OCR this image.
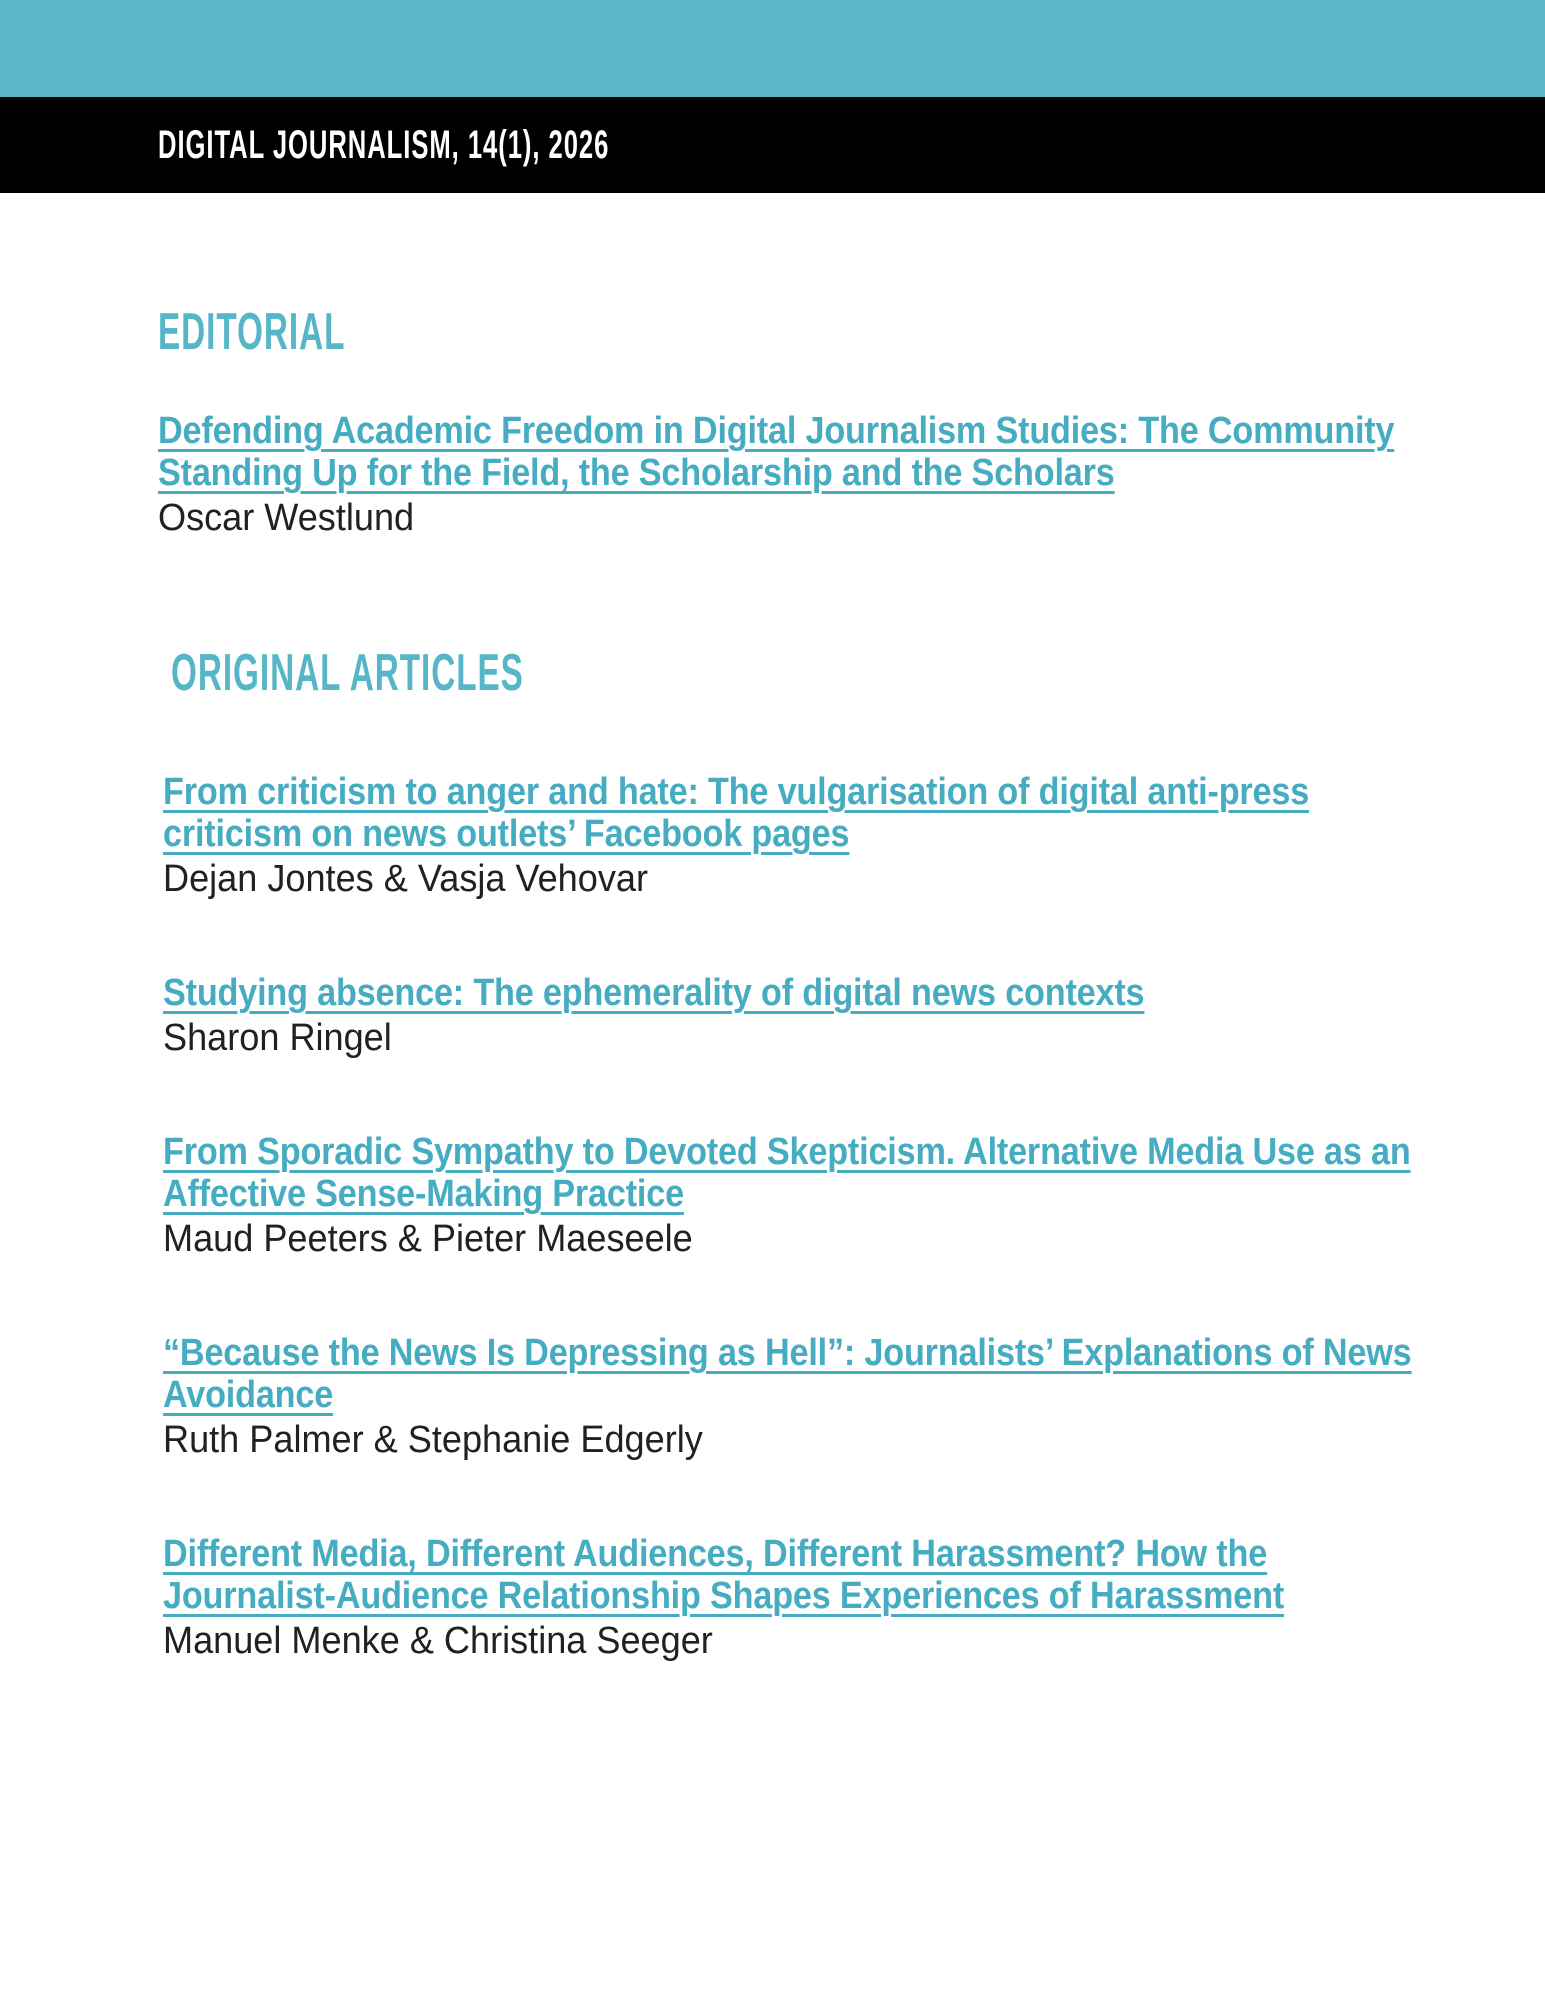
DIGITAL JOURNALISM, 14(1), 2026
EDITORIAL
Defending Academic Freedom in Digital Journalism Studies: The Community
Standing Up for the Field, the Scholarship and the Scholars
Oscar Westlund
ORIGINAL ARTICLES
From criticism to anger and hate: The vulgarisation of digital anti-press
criticism on news outlets’ Facebook pages
Dejan Jontes & Vasja Vehovar
Studying absence: The ephemerality of digital news contexts
Sharon Ringel
From Sporadic Sympathy to Devoted Skepticism. Alternative Media Use as an
Affective Sense-Making Practice
Maud Peeters & Pieter Maeseele
“Because the News Is Depressing as Hell”: Journalists’ Explanations of News
Avoidance
Ruth Palmer & Stephanie Edgerly
Different Media, Different Audiences, Different Harassment? How the
Journalist-Audience Relationship Shapes Experiences of Harassment
Manuel Menke & Christina Seeger
